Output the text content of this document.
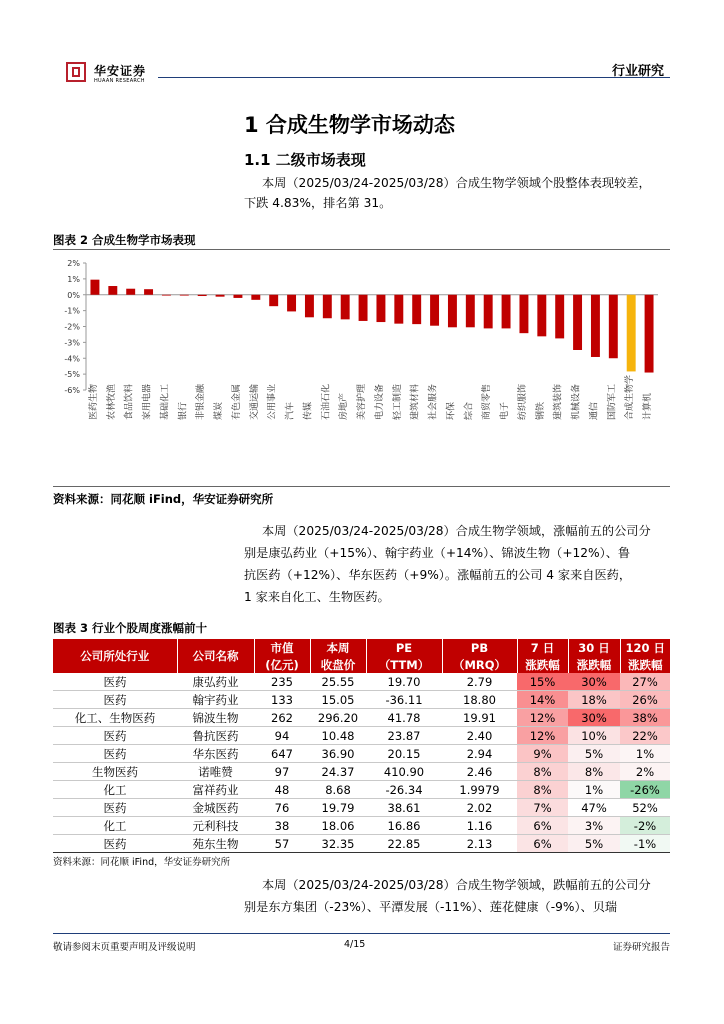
华安证券
HUAAN RESEARCH
行业研究
1 合成生物学市场动态
1.1 二级市场表现
本周（2025/03/24-2025/03/28）合成生物学领域个股整体表现较差，
下跌 4.83%，排名第 31。
图表 2 合成生物学市场表现
-6%
-5%
-4%
-3%
-2%
-1%
0%
1%
2%
医药生物 农林牧渔 食品饮料 家用电器 基础化工 银行 非银金融 煤炭 有色金属 交通运输 公用事业 汽车 传媒 石油石化 房地产 美容护理 电力设备 轻工制造 建筑材料 社会服务 环保 综合 商贸零售 电子 纺织服饰 钢铁 建筑装饰 机械设备 通信 国防军工 合成生物学 计算机
资料来源：同花顺 iFind，华安证券研究所
本周（2025/03/24-2025/03/28）合成生物学领域，涨幅前五的公司分
别是康弘药业（+15%）、翰宇药业（+14%）、锦波生物（+12%）、鲁
抗医药（+12%）、华东医药（+9%）。涨幅前五的公司 4 家来自医药，
1 家来自化工、生物医药。
图表 3 行业个股周度涨幅前十
公司所处行业	公司名称	市值	本周	PE	PB	7 日	30 日	120 日
		(亿元)	收盘价	（TTM）	（MRQ）	涨跌幅	涨跌幅	涨跌幅
医药	康弘药业	235	25.55	19.70	2.79	15%	30%	27%
医药	翰宇药业	133	15.05	-36.11	18.80	14%	18%	26%
化工、生物医药	锦波生物	262	296.20	41.78	19.91	12%	30%	38%
医药	鲁抗医药	94	10.48	23.87	2.40	12%	10%	22%
医药	华东医药	647	36.90	20.15	2.94	9%	5%	1%
生物医药	诺唯赞	97	24.37	410.90	2.46	8%	8%	2%
化工	富祥药业	48	8.68	-26.34	1.9979	8%	1%	-26%
医药	金城医药	76	19.79	38.61	2.02	7%	47%	52%
化工	元利科技	38	18.06	16.86	1.16	6%	3%	-2%
医药	苑东生物	57	32.35	22.85	2.13	6%	5%	-1%
资料来源：同花顺 iFind，华安证券研究所
本周（2025/03/24-2025/03/28）合成生物学领域，跌幅前五的公司分
别是东方集团（-23%）、平潭发展（-11%）、莲花健康（-9%）、贝瑞
敬请参阅末页重要声明及评级说明	4/15	证券研究报告
